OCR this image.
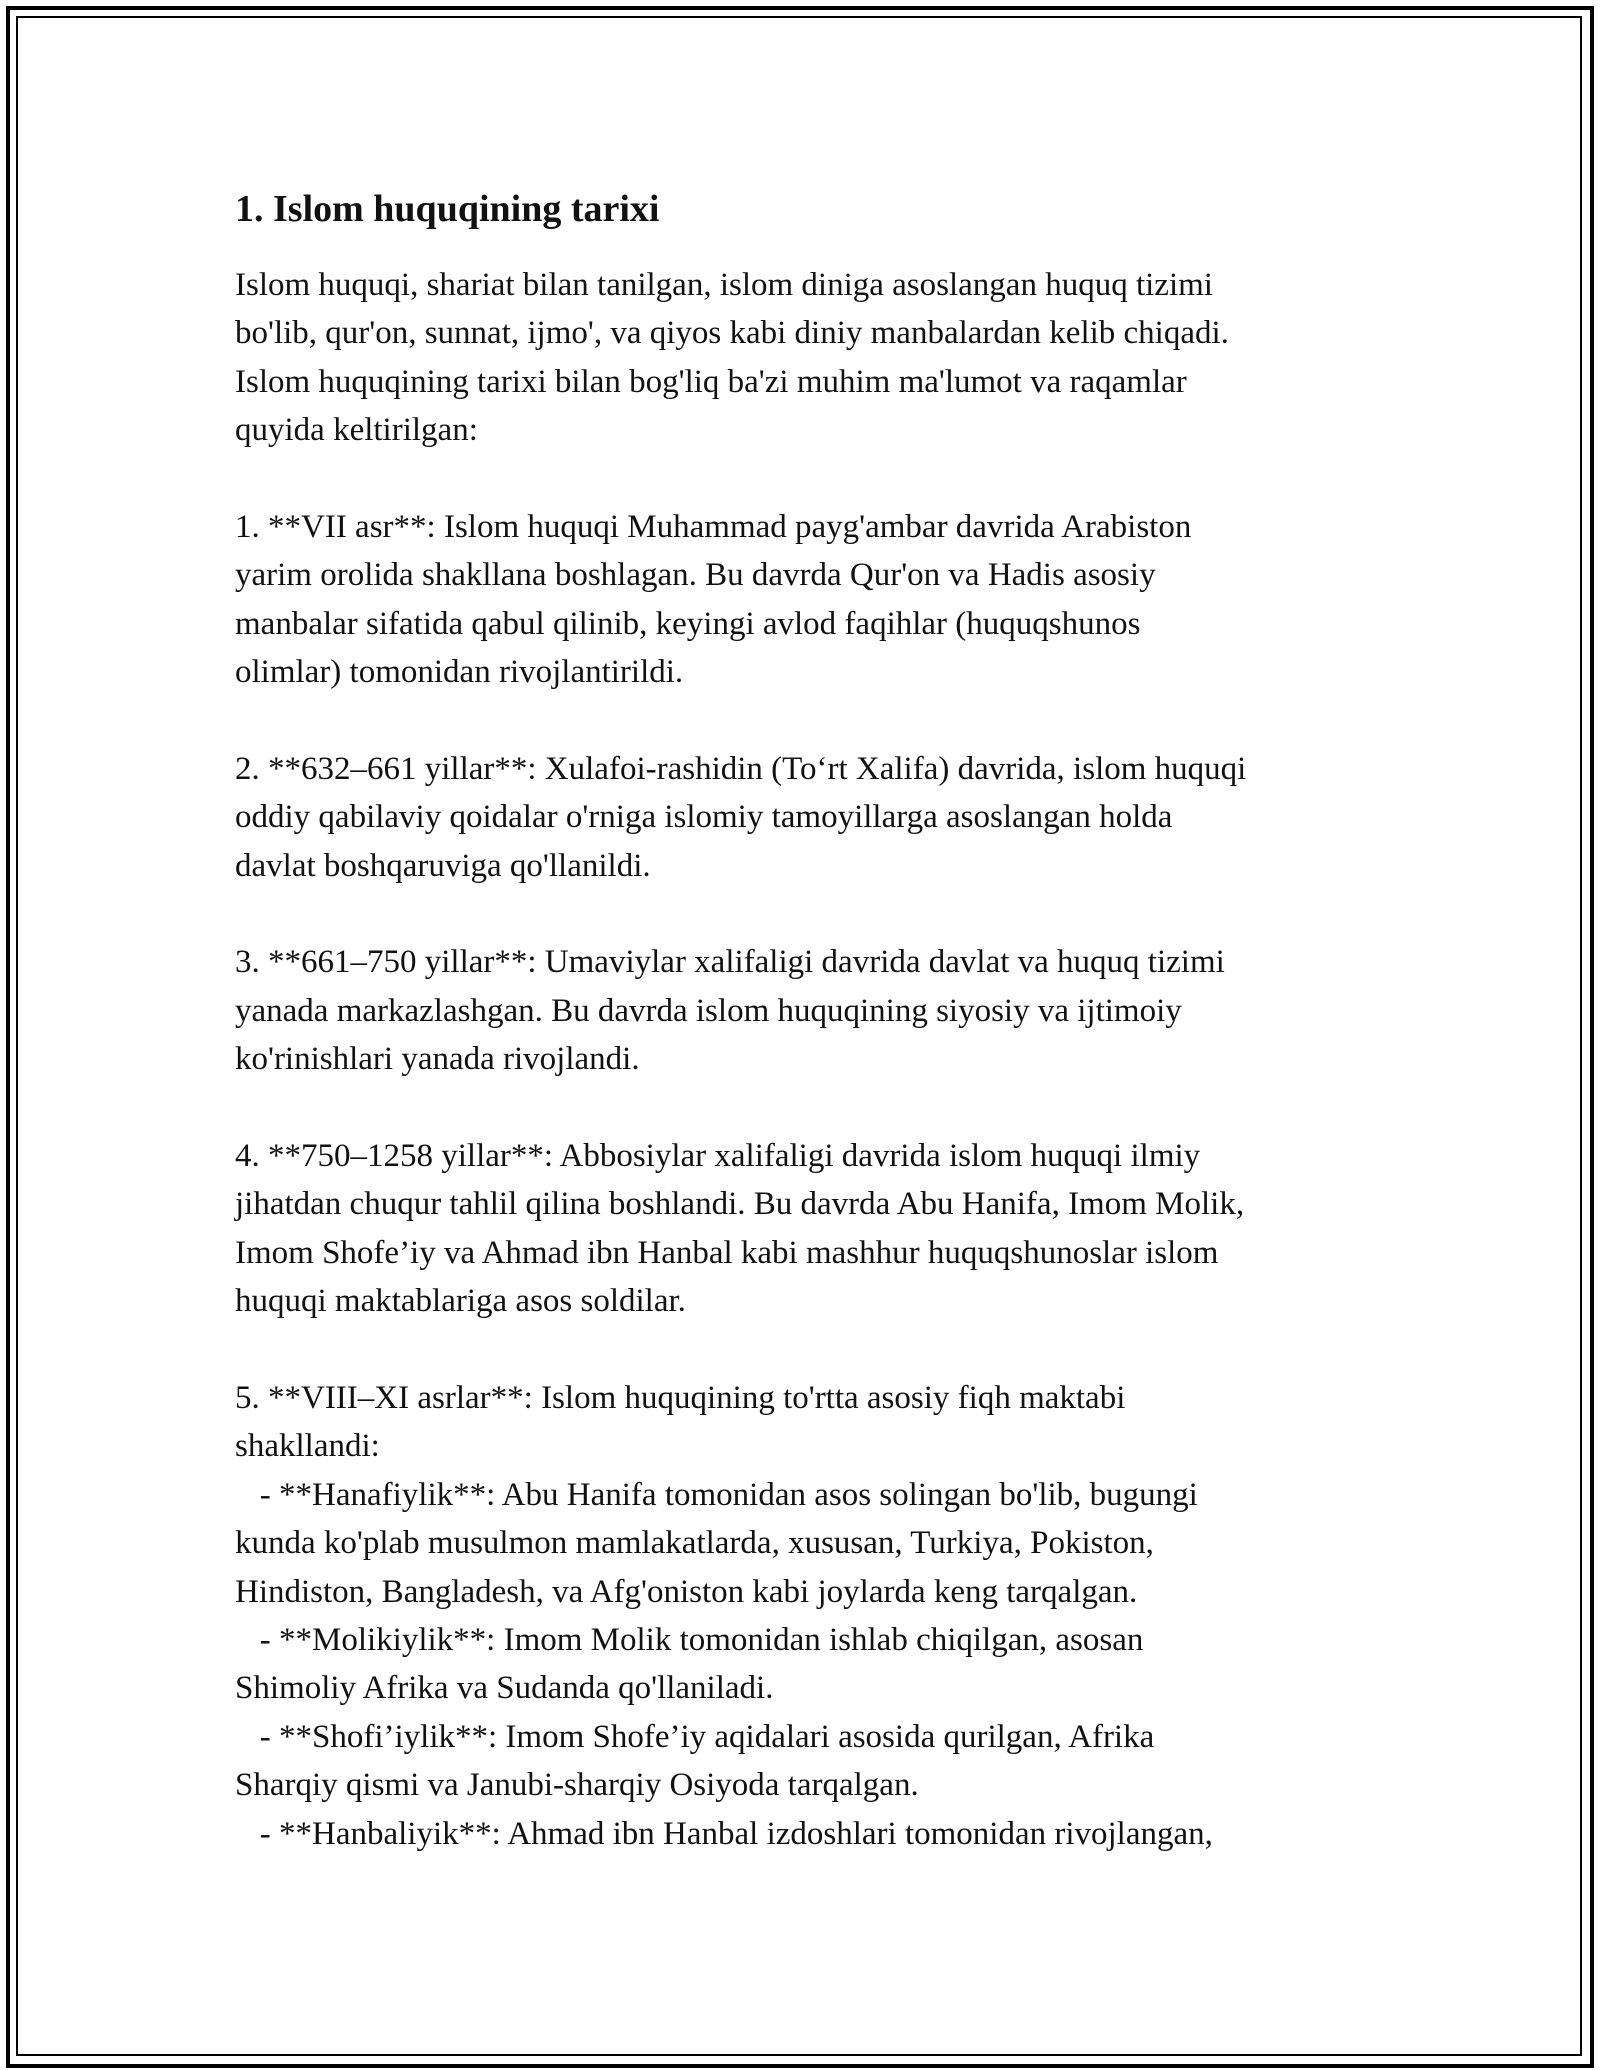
1. Islom huquqining tarixi
Islom huquqi, shariat bilan tanilgan, islom diniga asoslangan huquq tizimi
bo'lib, qur'on, sunnat, ijmo', va qiyos kabi diniy manbalardan kelib chiqadi.
Islom huquqining tarixi bilan bog'liq ba'zi muhim ma'lumot va raqamlar
quyida keltirilgan:
1. **VII asr**: Islom huquqi Muhammad payg'ambar davrida Arabiston
yarim orolida shakllana boshlagan. Bu davrda Qur'on va Hadis asosiy
manbalar sifatida qabul qilinib, keyingi avlod faqihlar (huquqshunos
olimlar) tomonidan rivojlantirildi.
2. **632–661 yillar**: Xulafoi-rashidin (To‘rt Xalifa) davrida, islom huquqi
oddiy qabilaviy qoidalar o'rniga islomiy tamoyillarga asoslangan holda
davlat boshqaruviga qo'llanildi.
3. **661–750 yillar**: Umaviylar xalifaligi davrida davlat va huquq tizimi
yanada markazlashgan. Bu davrda islom huquqining siyosiy va ijtimoiy
ko'rinishlari yanada rivojlandi.
4. **750–1258 yillar**: Abbosiylar xalifaligi davrida islom huquqi ilmiy
jihatdan chuqur tahlil qilina boshlandi. Bu davrda Abu Hanifa, Imom Molik,
Imom Shofe’iy va Ahmad ibn Hanbal kabi mashhur huquqshunoslar islom
huquqi maktablariga asos soldilar.
5. **VIII–XI asrlar**: Islom huquqining to'rtta asosiy fiqh maktabi
shakllandi:
- **Hanafiylik**: Abu Hanifa tomonidan asos solingan bo'lib, bugungi
kunda ko'plab musulmon mamlakatlarda, xususan, Turkiya, Pokiston,
Hindiston, Bangladesh, va Afg'oniston kabi joylarda keng tarqalgan.
- **Molikiylik**: Imom Molik tomonidan ishlab chiqilgan, asosan
Shimoliy Afrika va Sudanda qo'llaniladi.
- **Shofi’iylik**: Imom Shofe’iy aqidalari asosida qurilgan, Afrika
Sharqiy qismi va Janubi-sharqiy Osiyoda tarqalgan.
- **Hanbaliyik**: Ahmad ibn Hanbal izdoshlari tomonidan rivojlangan,
